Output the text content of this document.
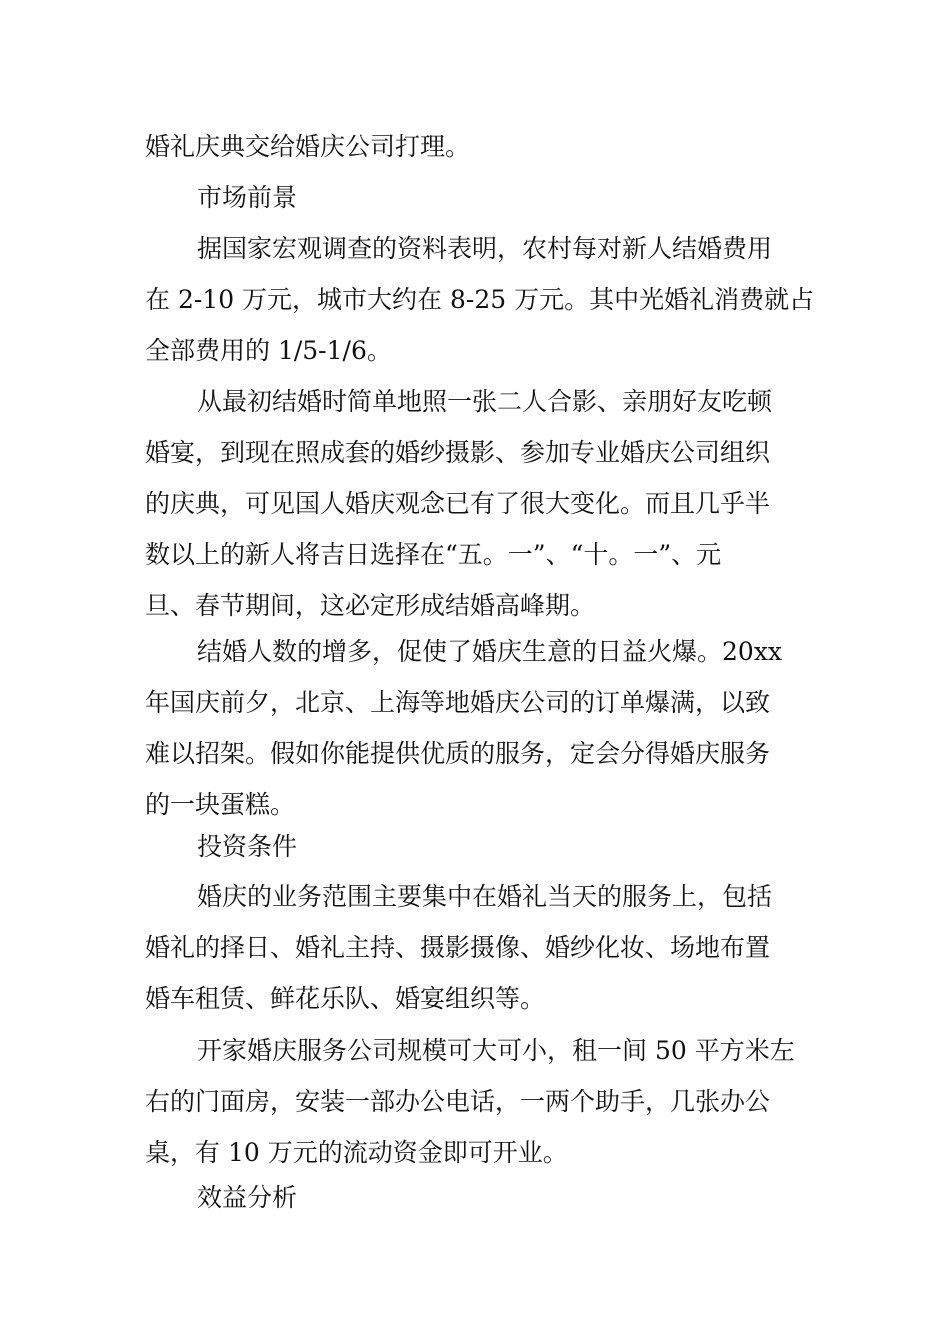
婚礼庆典交给婚庆公司打理。
市场前景
据国家宏观调查的资料表明，农村每对新人结婚费用
在 2-10 万元，城市大约在 8-25 万元。其中光婚礼消费就占
全部费用的 1/5-1/6。
从最初结婚时简单地照一张二人合影、亲朋好友吃顿
婚宴，到现在照成套的婚纱摄影、参加专业婚庆公司组织
的庆典，可见国人婚庆观念已有了很大变化。而且几乎半
数以上的新人将吉日选择在“五。一”、“十。一”、元
旦、春节期间，这必定形成结婚高峰期。
结婚人数的增多，促使了婚庆生意的日益火爆。20xx
年国庆前夕，北京、上海等地婚庆公司的订单爆满，以致
难以招架。假如你能提供优质的服务，定会分得婚庆服务
的一块蛋糕。
投资条件
婚庆的业务范围主要集中在婚礼当天的服务上，包括
婚礼的择日、婚礼主持、摄影摄像、婚纱化妆、场地布置
婚车租赁、鲜花乐队、婚宴组织等。
开家婚庆服务公司规模可大可小，租一间 50 平方米左
右的门面房，安装一部办公电话，一两个助手，几张办公
桌，有 10 万元的流动资金即可开业。
效益分析
